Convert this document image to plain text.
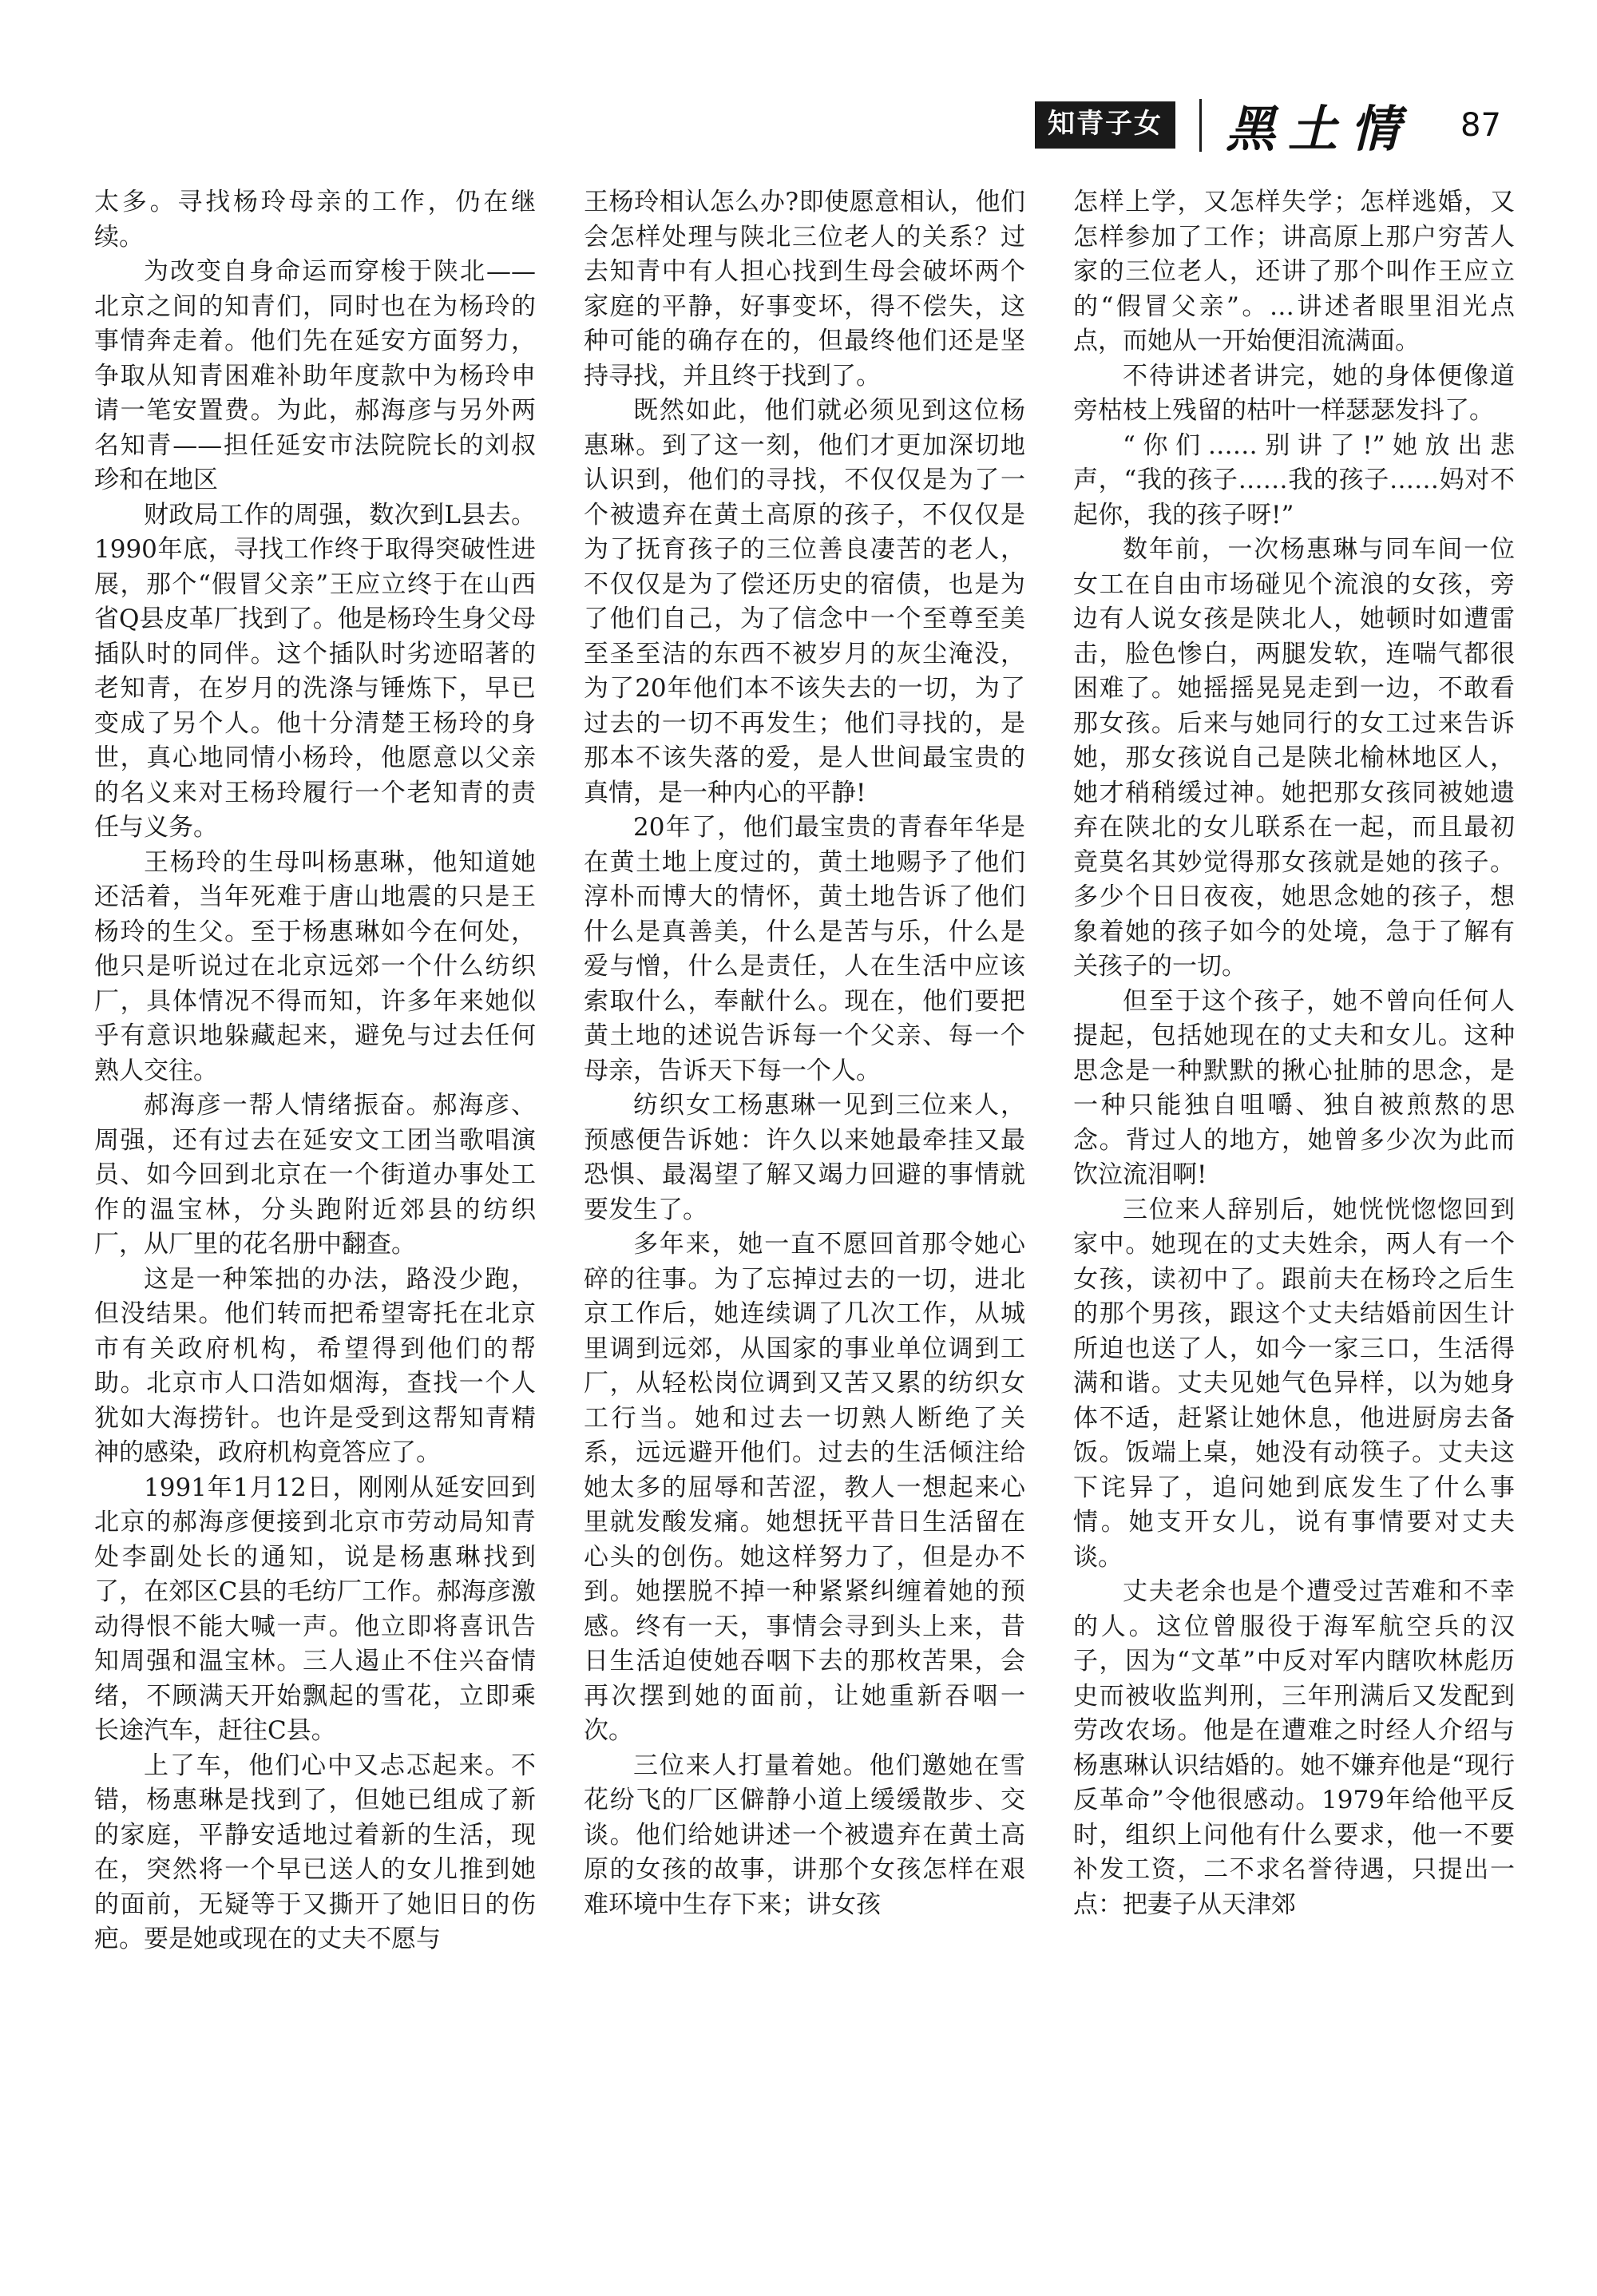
知青子女 黑土情 87

太多。寻找杨玲母亲的工作，仍在继续。

为改变自身命运而穿梭于陕北——北京之间的知青们，同时也在为杨玲的事情奔走着。他们先在延安方面努力，争取从知青困难补助年度款中为杨玲申请一笔安置费。为此，郝海彦与另外两名知青——担任延安市法院院长的刘叔珍和在地区

财政局工作的周强，数次到L县去。1990年底，寻找工作终于取得突破性进展，那个“假冒父亲”王应立终于在山西省Q县皮革厂找到了。他是杨玲生身父母插队时的同伴。这个插队时劣迹昭著的老知青，在岁月的洗涤与锤炼下，早已变成了另个人。他十分清楚王杨玲的身世，真心地同情小杨玲，他愿意以父亲的名义来对王杨玲履行一个老知青的责任与义务。

王杨玲的生母叫杨惠琳，他知道她还活着，当年死难于唐山地震的只是王杨玲的生父。至于杨惠琳如今在何处，他只是听说过在北京远郊一个什么纺织厂，具体情况不得而知，许多年来她似乎有意识地躲藏起来，避免与过去任何熟人交往。

郝海彦一帮人情绪振奋。郝海彦、周强，还有过去在延安文工团当歌唱演员、如今回到北京在一个街道办事处工作的温宝林，分头跑附近郊县的纺织厂，从厂里的花名册中翻查。

这是一种笨拙的办法，路没少跑，但没结果。他们转而把希望寄托在北京市有关政府机构，希望得到他们的帮助。北京市人口浩如烟海，查找一个人犹如大海捞针。也许是受到这帮知青精神的感染，政府机构竟答应了。

1991年1月12日，刚刚从延安回到北京的郝海彦便接到北京市劳动局知青处李副处长的通知，说是杨惠琳找到了，在郊区C县的毛纺厂工作。郝海彦激动得恨不能大喊一声。他立即将喜讯告知周强和温宝林。三人遏止不住兴奋情绪，不顾满天开始飘起的雪花，立即乘长途汽车，赶往C县。

上了车，他们心中又忐忑起来。不错，杨惠琳是找到了，但她已组成了新的家庭，平静安适地过着新的生活，现在，突然将一个早已送人的女儿推到她的面前，无疑等于又撕开了她旧日的伤疤。要是她或现在的丈夫不愿与

王杨玲相认怎么办?即使愿意相认，他们会怎样处理与陕北三位老人的关系？过去知青中有人担心找到生母会破坏两个家庭的平静，好事变坏，得不偿失，这种可能的确存在的，但最终他们还是坚持寻找，并且终于找到了。

既然如此，他们就必须见到这位杨惠琳。到了这一刻，他们才更加深切地认识到，他们的寻找，不仅仅是为了一个被遗弃在黄土高原的孩子，不仅仅是为了抚育孩子的三位善良凄苦的老人，不仅仅是为了偿还历史的宿债，也是为了他们自己，为了信念中一个至尊至美至圣至洁的东西不被岁月的灰尘淹没，为了20年他们本不该失去的一切，为了过去的一切不再发生；他们寻找的，是那本不该失落的爱，是人世间最宝贵的真情，是一种内心的平静!

20年了，他们最宝贵的青春年华是在黄土地上度过的，黄土地赐予了他们淳朴而博大的情怀，黄土地告诉了他们什么是真善美，什么是苦与乐，什么是爱与憎，什么是责任，人在生活中应该索取什么，奉献什么。现在，他们要把黄土地的述说告诉每一个父亲、每一个母亲，告诉天下每一个人。

纺织女工杨惠琳一见到三位来人，预感便告诉她：许久以来她最牵挂又最恐惧、最渴望了解又竭力回避的事情就要发生了。

多年来，她一直不愿回首那令她心碎的往事。为了忘掉过去的一切，进北京工作后，她连续调了几次工作，从城里调到远郊，从国家的事业单位调到工厂，从轻松岗位调到又苦又累的纺织女工行当。她和过去一切熟人断绝了关系，远远避开他们。过去的生活倾注给她太多的屈辱和苦涩，教人一想起来心里就发酸发痛。她想抚平昔日生活留在心头的创伤。她这样努力了，但是办不到。她摆脱不掉一种紧紧纠缠着她的预感。终有一天，事情会寻到头上来，昔日生活迫使她吞咽下去的那枚苦果，会再次摆到她的面前，让她重新吞咽一次。

三位来人打量着她。他们邀她在雪花纷飞的厂区僻静小道上缓缓散步、交谈。他们给她讲述一个被遗弃在黄土高原的女孩的故事，讲那个女孩怎样在艰难环境中生存下来；讲女孩

怎样上学，又怎样失学；怎样逃婚，又怎样参加了工作；讲高原上那户穷苦人家的三位老人，还讲了那个叫作王应立的“假冒父亲”。…讲述者眼里泪光点点，而她从一开始便泪流满面。

不待讲述者讲完，她的身体便像道旁枯枝上残留的枯叶一样瑟瑟发抖了。

“你们……别讲了!”她放出悲声，“我的孩子……我的孩子……妈对不起你，我的孩子呀!”

数年前，一次杨惠琳与同车间一位女工在自由市场碰见个流浪的女孩，旁边有人说女孩是陕北人，她顿时如遭雷击，脸色惨白，两腿发软，连喘气都很困难了。她摇摇晃晃走到一边，不敢看那女孩。后来与她同行的女工过来告诉她，那女孩说自己是陕北榆林地区人，她才稍稍缓过神。她把那女孩同被她遗弃在陕北的女儿联系在一起，而且最初竟莫名其妙觉得那女孩就是她的孩子。多少个日日夜夜，她思念她的孩子，想象着她的孩子如今的处境，急于了解有关孩子的一切。

但至于这个孩子，她不曾向任何人提起，包括她现在的丈夫和女儿。这种思念是一种默默的揪心扯肺的思念，是一种只能独自咀嚼、独自被煎熬的思念。背过人的地方，她曾多少次为此而饮泣流泪啊!

三位来人辞别后，她恍恍惚惚回到家中。她现在的丈夫姓余，两人有一个女孩，读初中了。跟前夫在杨玲之后生的那个男孩，跟这个丈夫结婚前因生计所迫也送了人，如今一家三口，生活得满和谐。丈夫见她气色异样，以为她身体不适，赶紧让她休息，他进厨房去备饭。饭端上桌，她没有动筷子。丈夫这下诧异了，追问她到底发生了什么事情。她支开女儿，说有事情要对丈夫谈。

丈夫老余也是个遭受过苦难和不幸的人。这位曾服役于海军航空兵的汉子，因为“文革”中反对军内瞎吹林彪历史而被收监判刑，三年刑满后又发配到劳改农场。他是在遭难之时经人介绍与杨惠琳认识结婚的。她不嫌弃他是“现行反革命”令他很感动。1979年给他平反时，组织上问他有什么要求，他一不要补发工资，二不求名誉待遇，只提出一点：把妻子从天津郊
